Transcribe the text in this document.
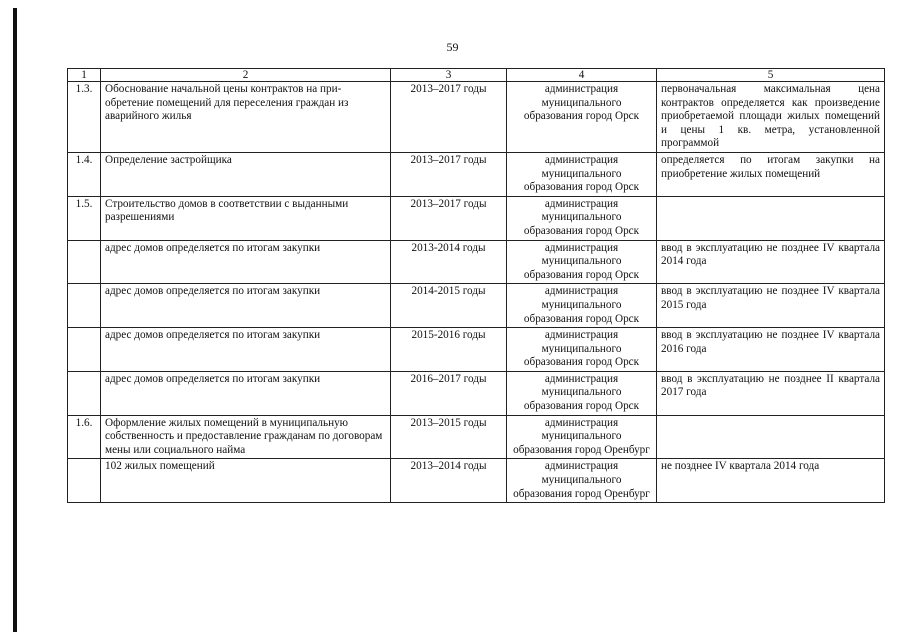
59
1	2	3	4	5
1.3.	Обоснование начальной цены контрактов на при-обретение помещений для переселения граждан из аварийного жилья	2013–2017 годы	администрация муниципального образования город Орск	первоначальная максимальная цена контрактов определяется как произведение приобретаемой площади жилых помещений и цены 1 кв. метра, установленной программой
1.4.	Определение застройщика	2013–2017 годы	администрация муниципального образования город Орск	определяется по итогам закупки на приобретение жилых помещений
1.5.	Строительство домов в соответствии с выданными разрешениями	2013–2017 годы	администрация муниципального образования город Орск	
	адрес домов определяется по итогам закупки	2013-2014 годы	администрация муниципального образования город Орск	ввод в эксплуатацию не позднее IV квартала 2014 года
	адрес домов определяется по итогам закупки	2014-2015 годы	администрация муниципального образования город Орск	ввод в эксплуатацию не позднее IV квартала 2015 года
	адрес домов определяется по итогам закупки	2015-2016 годы	администрация муниципального образования город Орск	ввод в эксплуатацию не позднее IV квартала 2016 года
	адрес домов определяется по итогам закупки	2016–2017 годы	администрация муниципального образования город Орск	ввод в эксплуатацию не позднее II квартала 2017 года
1.6.	Оформление жилых помещений в муниципальную собственность и предоставление гражданам по договорам мены или социального найма	2013–2015 годы	администрация муниципального образования город Оренбург	
	102 жилых помещений	2013–2014 годы	администрация муниципального образования город Оренбург	не позднее IV квартала 2014 года
